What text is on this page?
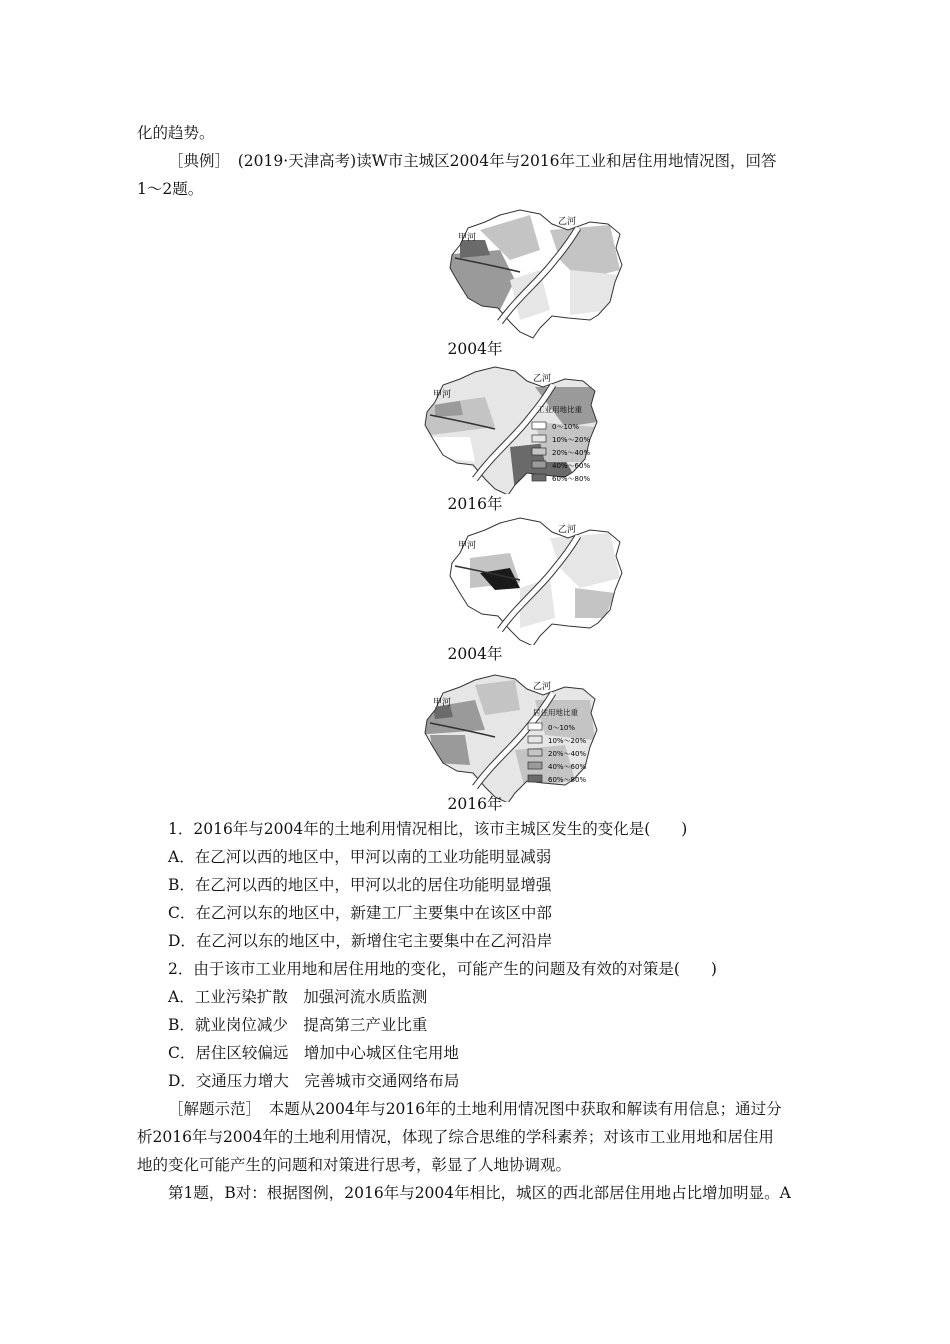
化的趋势。
［典例］　(2019·天津高考)读W市主城区2004年与2016年工业和居住用地情况图，回答
1～2题。
甲河
乙河
2004年
甲河
乙河
工业用地比重
0～10%
10%～20%
20%～40%
40%～60%
60%～80%
2016年
甲河
乙河
2004年
甲河
乙河
居住用地比重
0～10%
10%～20%
20%～40%
40%～60%
60%～80%
2016年
1．2016年与2004年的土地利用情况相比，该市主城区发生的变化是(　　)
A．在乙河以西的地区中，甲河以南的工业功能明显减弱
B．在乙河以西的地区中，甲河以北的居住功能明显增强
C．在乙河以东的地区中，新建工厂主要集中在该区中部
D．在乙河以东的地区中，新增住宅主要集中在乙河沿岸
2．由于该市工业用地和居住用地的变化，可能产生的问题及有效的对策是(　　)
A．工业污染扩散　加强河流水质监测
B．就业岗位减少　提高第三产业比重
C．居住区较偏远　增加中心城区住宅用地
D．交通压力增大　完善城市交通网络布局
［解题示范］　本题从2004年与2016年的土地利用情况图中获取和解读有用信息；通过分
析2016年与2004年的土地利用情况，体现了综合思维的学科素养；对该市工业用地和居住用
地的变化可能产生的问题和对策进行思考，彰显了人地协调观。
第1题，B对：根据图例，2016年与2004年相比，城区的西北部居住用地占比增加明显。A
